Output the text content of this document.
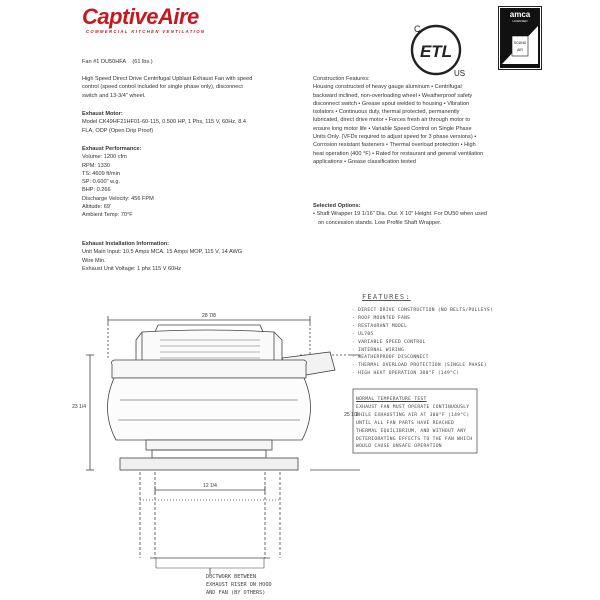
CaptiveAire
COMMERCIAL KITCHEN VENTILATION	C
ETL
US
amca
LICENSED
SOUND
AIR
Fan #1 DU50HFA (61 lbs.)
High Speed Direct Drive Centrifugal Upblast Exhaust Fan with speed
control (speed control included for single phase only), disconnect
switch and 13-3/4" wheel.
Exhaust Motor:
Model CK49HF21HF01-60-115, 0.500 HP, 1 Phs, 115 V, 60Hz, 8.4
FLA, ODP (Open Drip Proof)
Exhaust Performance:
Volume: 1200 cfm
RPM: 1330
TS: 4609 ft/min
SP: 0.600" w.g.
BHP: 0.266
Discharge Velocity: 456 FPM
Altitude: 69'
Ambient Temp: 70°F
Exhaust Installation Information:
Unit Main Input: 10.5 Amps MCA, 15 Amps MOP, 115 V, 14 AWG
Wire Min.
Exhaust Unit Voltage: 1 phs 115 V 60Hz
Construction Features:
Housing constructed of heavy gauge aluminum • Centrifugal
backward inclined, non-overloading wheel • Weatherproof safety
disconnect switch • Grease spout welded to housing • Vibration
isolators • Continuous duty, thermal protected, permanently
lubricated, direct drive motor • Forces fresh air through motor to
ensure long motor life • Variable Speed Control on Single Phase
Units Only. (VFDs required to adjust speed for 3 phase versions) •
Corrosion resistant fasteners • Thermal overload protection • High
heat operation (400 °F) • Rated for restaurant and general ventilation
applications • Grease classification tested
Selected Options:
• Shaft Wrapper 19 1/16" Dia. Out. X 10" Height. For DU50 when used
on concession stands. Low Profile Shaft Wrapper.
FEATURES:
- DIRECT DRIVE CONSTRUCTION (NO BELTS/PULLEYS)
- ROOF MOUNTED FANS
- RESTAURANT MODEL
- UL705
- VARIABLE SPEED CONTROL
- INTERNAL WIRING
- WEATHERPROOF DISCONNECT
- THERMAL OVERLOAD PROTECTION (SINGLE PHASE)
- HIGH HEAT OPERATION 300°F (149°C)
NORMAL TEMPERATURE TEST
EXHAUST FAN MUST OPERATE CONTINUOUSLY
WHILE EXHAUSTING AIR AT 300°F (149°C)
UNTIL ALL FAN PARTS HAVE REACHED
THERMAL EQUILIBRIUM, AND WITHOUT ANY
DETERIORATING EFFECTS TO THE FAN WHICH
WOULD CAUSE UNSAFE OPERATION
28 7/8
23 1/4
25 1/2
12 1/4
DUCTWORK BETWEEN
EXHAUST RISER ON HOOD
AND FAN (BY OTHERS)
